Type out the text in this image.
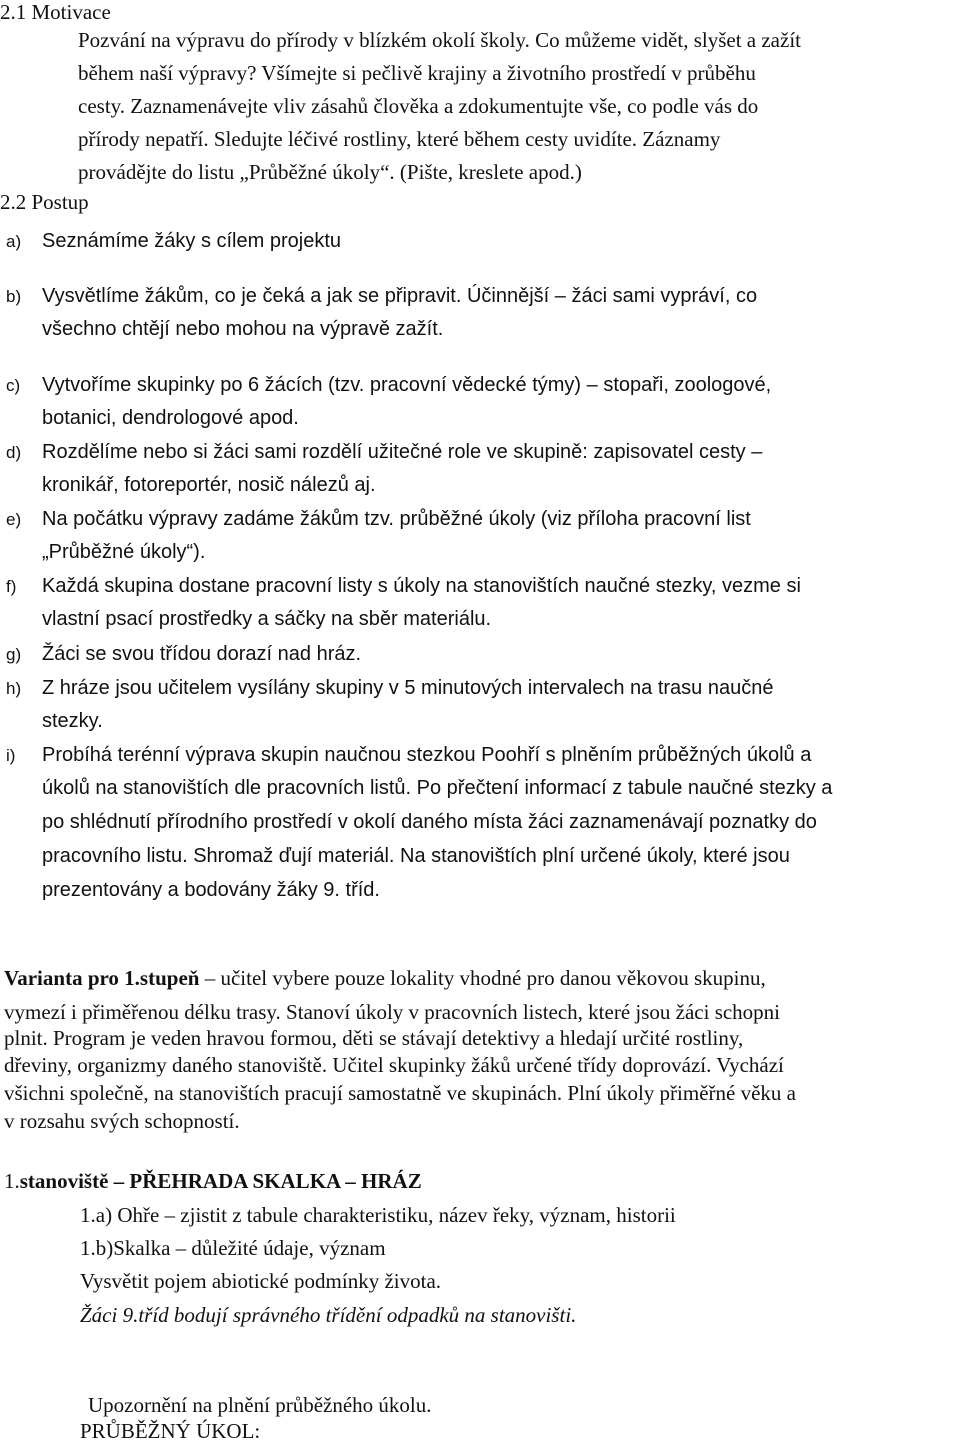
2.1 Motivace
Pozvání na výpravu do přírody v blízkém okolí školy. Co můžeme vidět, slyšet a zažít
během naší výpravy? Všímejte si pečlivě krajiny a životního prostředí v průběhu
cesty. Zaznamenávejte vliv zásahů člověka a zdokumentujte vše, co podle vás do
přírody nepatří. Sledujte léčivé rostliny, které během cesty uvidíte. Záznamy
provádějte do listu „Průběžné úkoly“. (Pište, kreslete apod.)
2.2 Postup
a) Seznámíme žáky s cílem projektu
b) Vysvětlíme žákům, co je čeká a jak se připravit. Účinnější – žáci sami vypráví, co
všechno chtějí nebo mohou na výpravě zažít.
c) Vytvoříme skupinky po 6 žácích (tzv. pracovní vědecké týmy) – stopaři, zoologové,
botanici, dendrologové apod.
d) Rozdělíme nebo si žáci sami rozdělí užitečné role ve skupině: zapisovatel cesty –
kronikář, fotoreportér, nosič nálezů aj.
e) Na počátku výpravy zadáme žákům tzv. průběžné úkoly (viz příloha pracovní list
„Průběžné úkoly“).
f) Každá skupina dostane pracovní listy s úkoly na stanovištích naučné stezky, vezme si
vlastní psací prostředky a sáčky na sběr materiálu.
g) Žáci se svou třídou dorazí nad hráz.
h) Z hráze jsou učitelem vysílány skupiny v 5 minutových intervalech na trasu naučné
stezky.
i) Probíhá terénní výprava skupin naučnou stezkou Poohří s plněním průběžných úkolů a
úkolů na stanovištích dle pracovních listů. Po přečtení informací z tabule naučné stezky a
po shlédnutí přírodního prostředí v okolí daného místa žáci zaznamenávají poznatky do
pracovního listu. Shromaž ďují materiál. Na stanovištích plní určené úkoly, které jsou
prezentovány a bodovány žáky 9. tříd.
Varianta pro 1.stupeň – učitel vybere pouze lokality vhodné pro danou věkovou skupinu,
vymezí i přiměřenou délku trasy. Stanoví úkoly v pracovních listech, které jsou žáci schopni
plnit. Program je veden hravou formou, děti se stávají detektivy a hledají určité rostliny,
dřeviny, organizmy daného stanoviště. Učitel skupinky žáků určené třídy doprovází. Vychází
všichni společně, na stanovištích pracují samostatně ve skupinách. Plní úkoly přiměřné věku a
v rozsahu svých schopností.
1.stanoviště – PŘEHRADA SKALKA – HRÁZ
1.a) Ohře – zjistit z tabule charakteristiku, název řeky, význam, historii
1.b)Skalka – důležité údaje, význam
Vysvětit pojem abiotické podmínky života.
Žáci 9.tříd bodují správného třídění odpadků na stanovišti.
Upozornění na plnění průběžného úkolu.
PRŮBĚŽNÝ ÚKOL:
